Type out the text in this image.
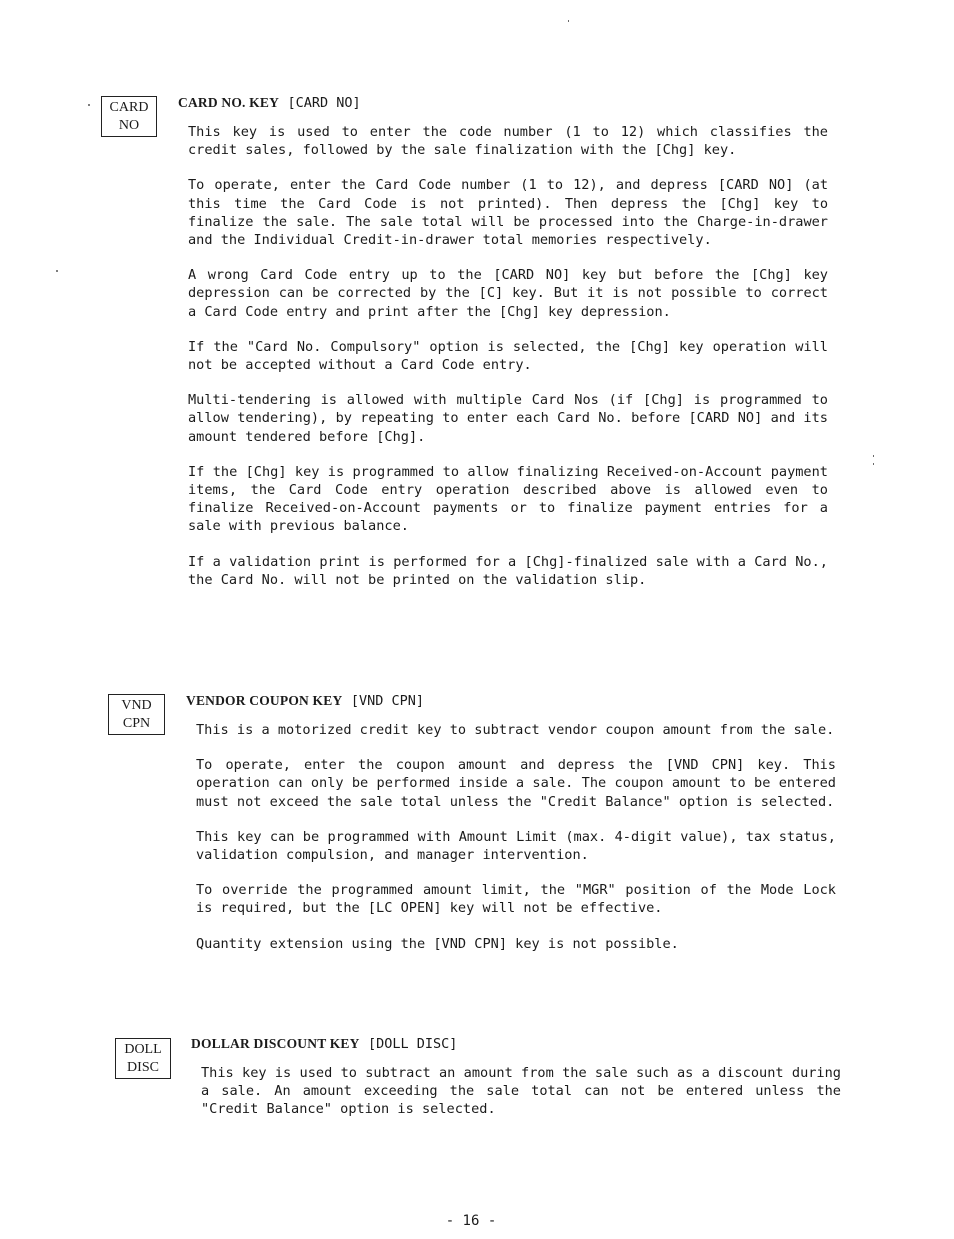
CARD
NO
CARD NO. KEY [CARD NO]

This key is used to enter the code number (1 to 12) which classifies the credit sales, followed by the sale finalization with the [Chg] key.

To operate, enter the Card Code number (1 to 12), and depress [CARD NO] (at this time the Card Code is not printed). Then depress the [Chg] key to finalize the sale. The sale total will be processed into the Charge-in-drawer and the Individual Credit-in-drawer total memories respectively.

A wrong Card Code entry up to the [CARD NO] key but before the [Chg] key depression can be corrected by the [C] key. But it is not possible to correct a Card Code entry and print after the [Chg] key depression.

If the "Card No. Compulsory" option is selected, the [Chg] key operation will not be accepted without a Card Code entry.

Multi-tendering is allowed with multiple Card Nos (if [Chg] is programmed to allow tendering), by repeating to enter each Card No. before [CARD NO] and its amount tendered before [Chg].

If the [Chg] key is programmed to allow finalizing Received-on-Account payment items, the Card Code entry operation described above is allowed even to finalize Received-on-Account payments or to finalize payment entries for a sale with previous balance.

If a validation print is performed for a [Chg]-finalized sale with a Card No., the Card No. will not be printed on the validation slip.

VND
CPN
VENDOR COUPON KEY [VND CPN]

This is a motorized credit key to subtract vendor coupon amount from the sale.

To operate, enter the coupon amount and depress the [VND CPN] key. This operation can only be performed inside a sale. The coupon amount to be entered must not exceed the sale total unless the "Credit Balance" option is selected.

This key can be programmed with Amount Limit (max. 4-digit value), tax status, validation compulsion, and manager intervention.

To override the programmed amount limit, the "MGR" position of the Mode Lock is required, but the [LC OPEN] key will not be effective.

Quantity extension using the [VND CPN] key is not possible.

DOLL
DISC
DOLLAR DISCOUNT KEY [DOLL DISC]

This key is used to subtract an amount from the sale such as a discount during a sale. An amount exceeding the sale total can not be entered unless the "Credit Balance" option is selected.

- 16 -
